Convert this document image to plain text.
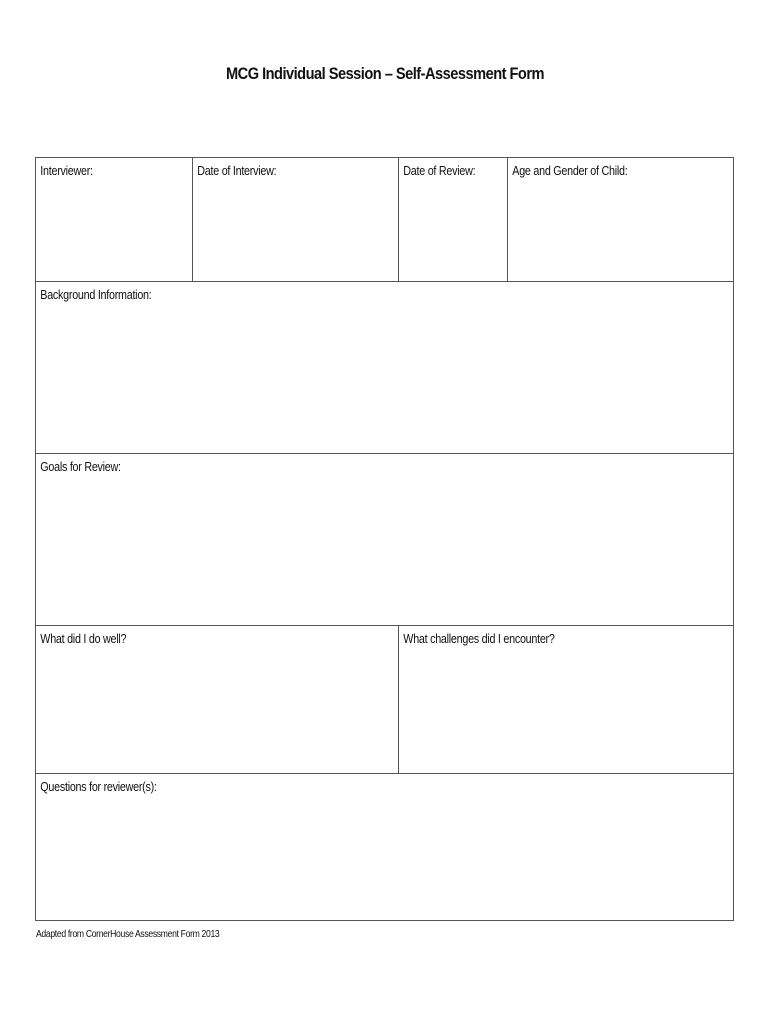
MCG Individual Session – Self-Assessment Form
Interviewer:	Date of Interview:	Date of Review:	Age and Gender of Child:
Background Information:
Goals for Review:
What did I do well?	What challenges did I encounter?
Questions for reviewer(s):
Adapted from CornerHouse Assessment Form 2013
